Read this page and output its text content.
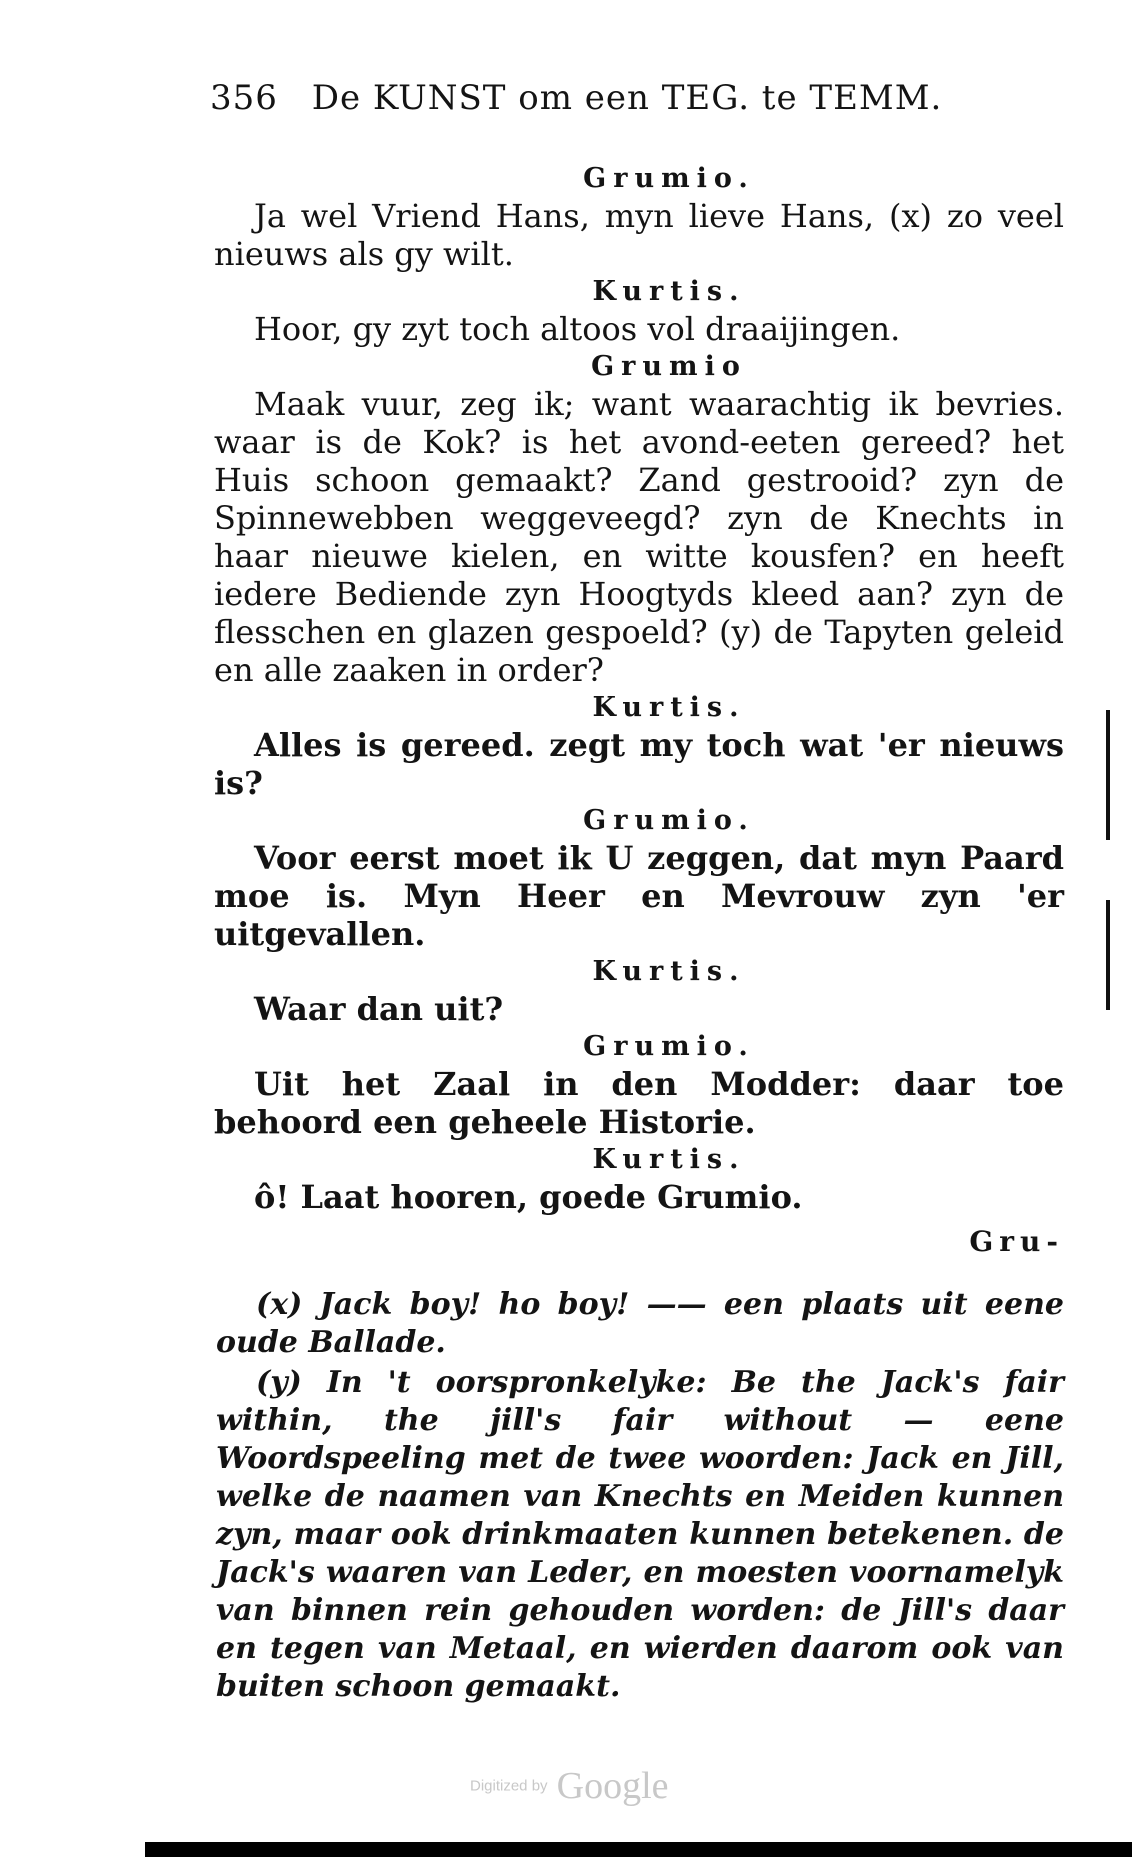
356 De KUNST om een TEG. te TEMM.
Grumio.

Ja wel Vriend Hans, myn lieve Hans, (x) zo veel nieuws als gy wilt.

Kurtis.

Hoor, gy zyt toch altoos vol draaijingen.

Grumio

Maak vuur, zeg ik; want waarachtig ik bevries. waar is de Kok? is het avond-eeten gereed? het Huis schoon gemaakt? Zand gestrooid? zyn de Spinnewebben weggeveegd? zyn de Knechts in haar nieuwe kielen, en witte kousfen? en heeft iedere Bediende zyn Hoogtyds kleed aan? zyn de flesschen en glazen gespoeld? (y) de Tapyten geleid en alle zaaken in order?

Kurtis.

Alles is gereed. zegt my toch wat 'er nieuws is?

Grumio.

Voor eerst moet ik U zeggen, dat myn Paard moe is. Myn Heer en Mevrouw zyn 'er uitgevallen.

Kurtis.

Waar dan uit?

Grumio.

Uit het Zaal in den Modder: daar toe behoord een geheele Historie.

Kurtis.

ô! Laat hooren, goede Grumio.

Gru-

(x) Jack boy! ho boy! —— een plaats uit eene oude Ballade.

(y) In 't oorspronkelyke: Be the Jack's fair within, the jill's fair without — eene Woordspeeling met de twee woorden: Jack en Jill, welke de naamen van Knechts en Meiden kunnen zyn, maar ook drinkmaaten kunnen betekenen. de Jack's waaren van Leder, en moesten voornamelyk van binnen rein gehouden worden: de Jill's daar en tegen van Metaal, en wierden daarom ook van buiten schoon gemaakt.

Digitized by Google
